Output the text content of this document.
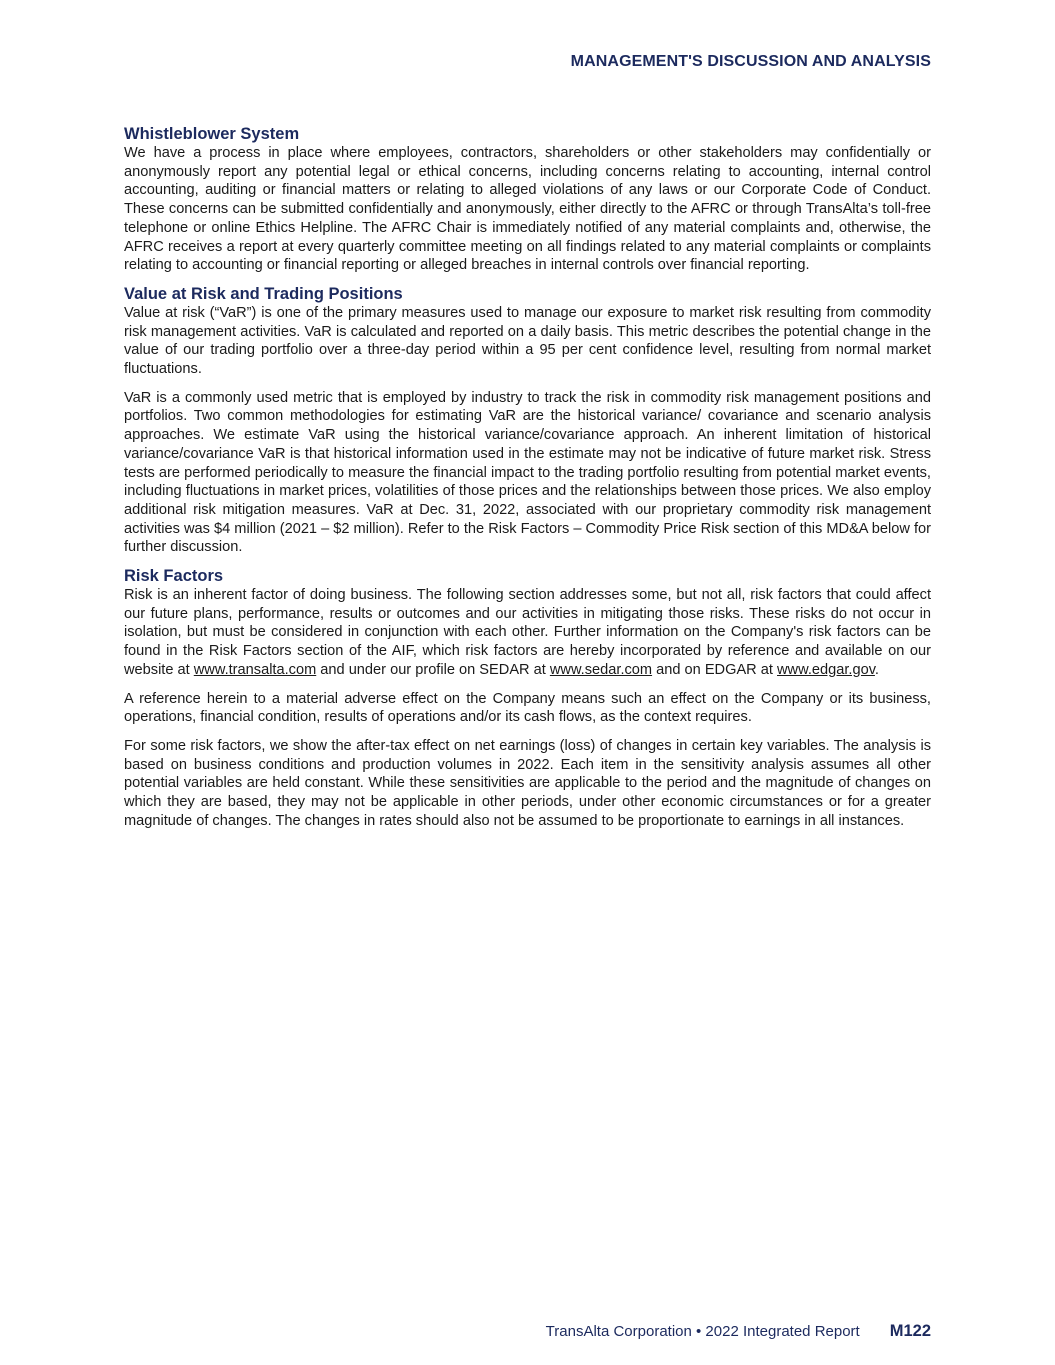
MANAGEMENT'S DISCUSSION AND ANALYSIS
Whistleblower System

We have a process in place where employees, contractors, shareholders or other stakeholders may confidentially or anonymously report any potential legal or ethical concerns, including concerns relating to accounting, internal control accounting, auditing or financial matters or relating to alleged violations of any laws or our Corporate Code of Conduct. These concerns can be submitted confidentially and anonymously, either directly to the AFRC or through TransAlta’s toll-free telephone or online Ethics Helpline. The AFRC Chair is immediately notified of any material complaints and, otherwise, the AFRC receives a report at every quarterly committee meeting on all findings related to any material complaints or complaints relating to accounting or financial reporting or alleged breaches in internal controls over financial reporting.

Value at Risk and Trading Positions

Value at risk (“VaR”) is one of the primary measures used to manage our exposure to market risk resulting from commodity risk management activities. VaR is calculated and reported on a daily basis. This metric describes the potential change in the value of our trading portfolio over a three-day period within a 95 per cent confidence level, resulting from normal market fluctuations.

VaR is a commonly used metric that is employed by industry to track the risk in commodity risk management positions and portfolios. Two common methodologies for estimating VaR are the historical variance/ covariance and scenario analysis approaches. We estimate VaR using the historical variance/covariance approach. An inherent limitation of historical variance/covariance VaR is that historical information used in the estimate may not be indicative of future market risk. Stress tests are performed periodically to measure the financial impact to the trading portfolio resulting from potential market events, including fluctuations in market prices, volatilities of those prices and the relationships between those prices. We also employ additional risk mitigation measures. VaR at Dec. 31, 2022, associated with our proprietary commodity risk management activities was $4 million (2021 – $2 million). Refer to the Risk Factors – Commodity Price Risk section of this MD&A below for further discussion.

Risk Factors

Risk is an inherent factor of doing business. The following section addresses some, but not all, risk factors that could affect our future plans, performance, results or outcomes and our activities in mitigating those risks. These risks do not occur in isolation, but must be considered in conjunction with each other. Further information on the Company's risk factors can be found in the Risk Factors section of the AIF, which risk factors are hereby incorporated by reference and available on our website at www.transalta.com and under our profile on SEDAR at www.sedar.com and on EDGAR at www.edgar.gov.

A reference herein to a material adverse effect on the Company means such an effect on the Company or its business, operations, financial condition, results of operations and/or its cash flows, as the context requires.

For some risk factors, we show the after-tax effect on net earnings (loss) of changes in certain key variables. The analysis is based on business conditions and production volumes in 2022. Each item in the sensitivity analysis assumes all other potential variables are held constant. While these sensitivities are applicable to the period and the magnitude of changes on which they are based, they may not be applicable in other periods, under other economic circumstances or for a greater magnitude of changes. The changes in rates should also not be assumed to be proportionate to earnings in all instances.

TransAlta Corporation • 2022 Integrated Report M122
